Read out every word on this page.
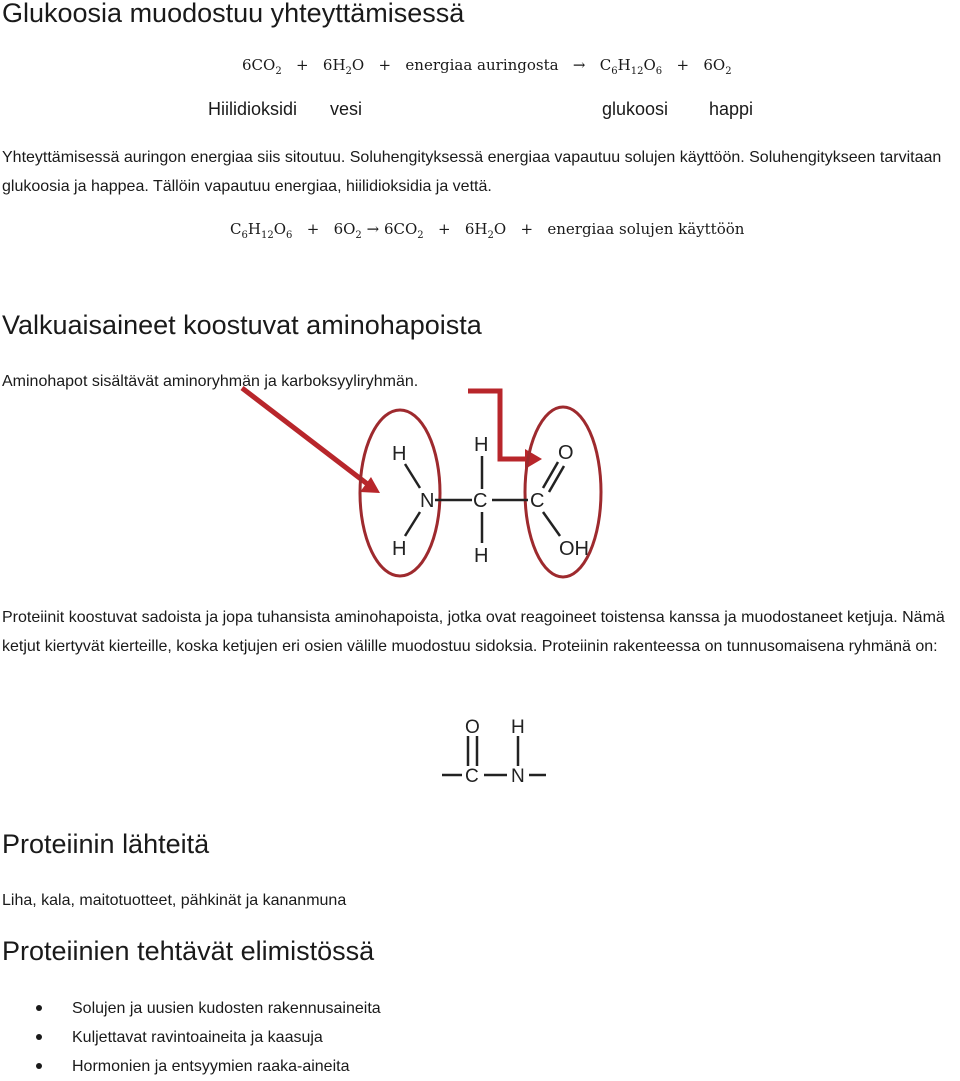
Glukoosia muodostuu yhteyttämisessä
$6CO_2 + 6H_2O$ + energiaa auringosta → $C_6H_{12}O_6 + 6O_2$
Hiilidioksidi vesi	glukoosi happi
Yhteyttämisessä auringon energiaa siis sitoutuu. Soluhengityksessä energiaa vapautuu solujen käyttöön. Soluhengitykseen tarvitaan glukoosia ja happea. Tällöin vapautuu energiaa, hiilidioksidia ja vettä.
$C_6H_{12}O_6 + 6O_2 \to 6CO_2 + 6H_2O$ + energiaa solujen käyttöön
Valkuaisaineet koostuvat aminohapoista
Aminohapot sisältävät aminoryhmän ja karboksyyliryhmän.
H
N
H
H
C
H
C
O
OH
Proteiinit koostuvat sadoista ja jopa tuhansista aminohapoista, jotka ovat reagoineet toistensa kanssa ja muodostaneet ketjuja. Nämä ketjut kiertyvät kierteille, koska ketjujen eri osien välille muodostuu sidoksia. Proteiinin rakenteessa on tunnusomaisena ryhmänä on:
O H
C N
Proteiinin lähteitä
Liha, kala, maitotuotteet, pähkinät ja kananmuna
Proteiinien tehtävät elimistössä
Solujen ja uusien kudosten rakennusaineita
Kuljettavat ravintoaineita ja kaasuja
Hormonien ja entsyymien raaka-aineita
